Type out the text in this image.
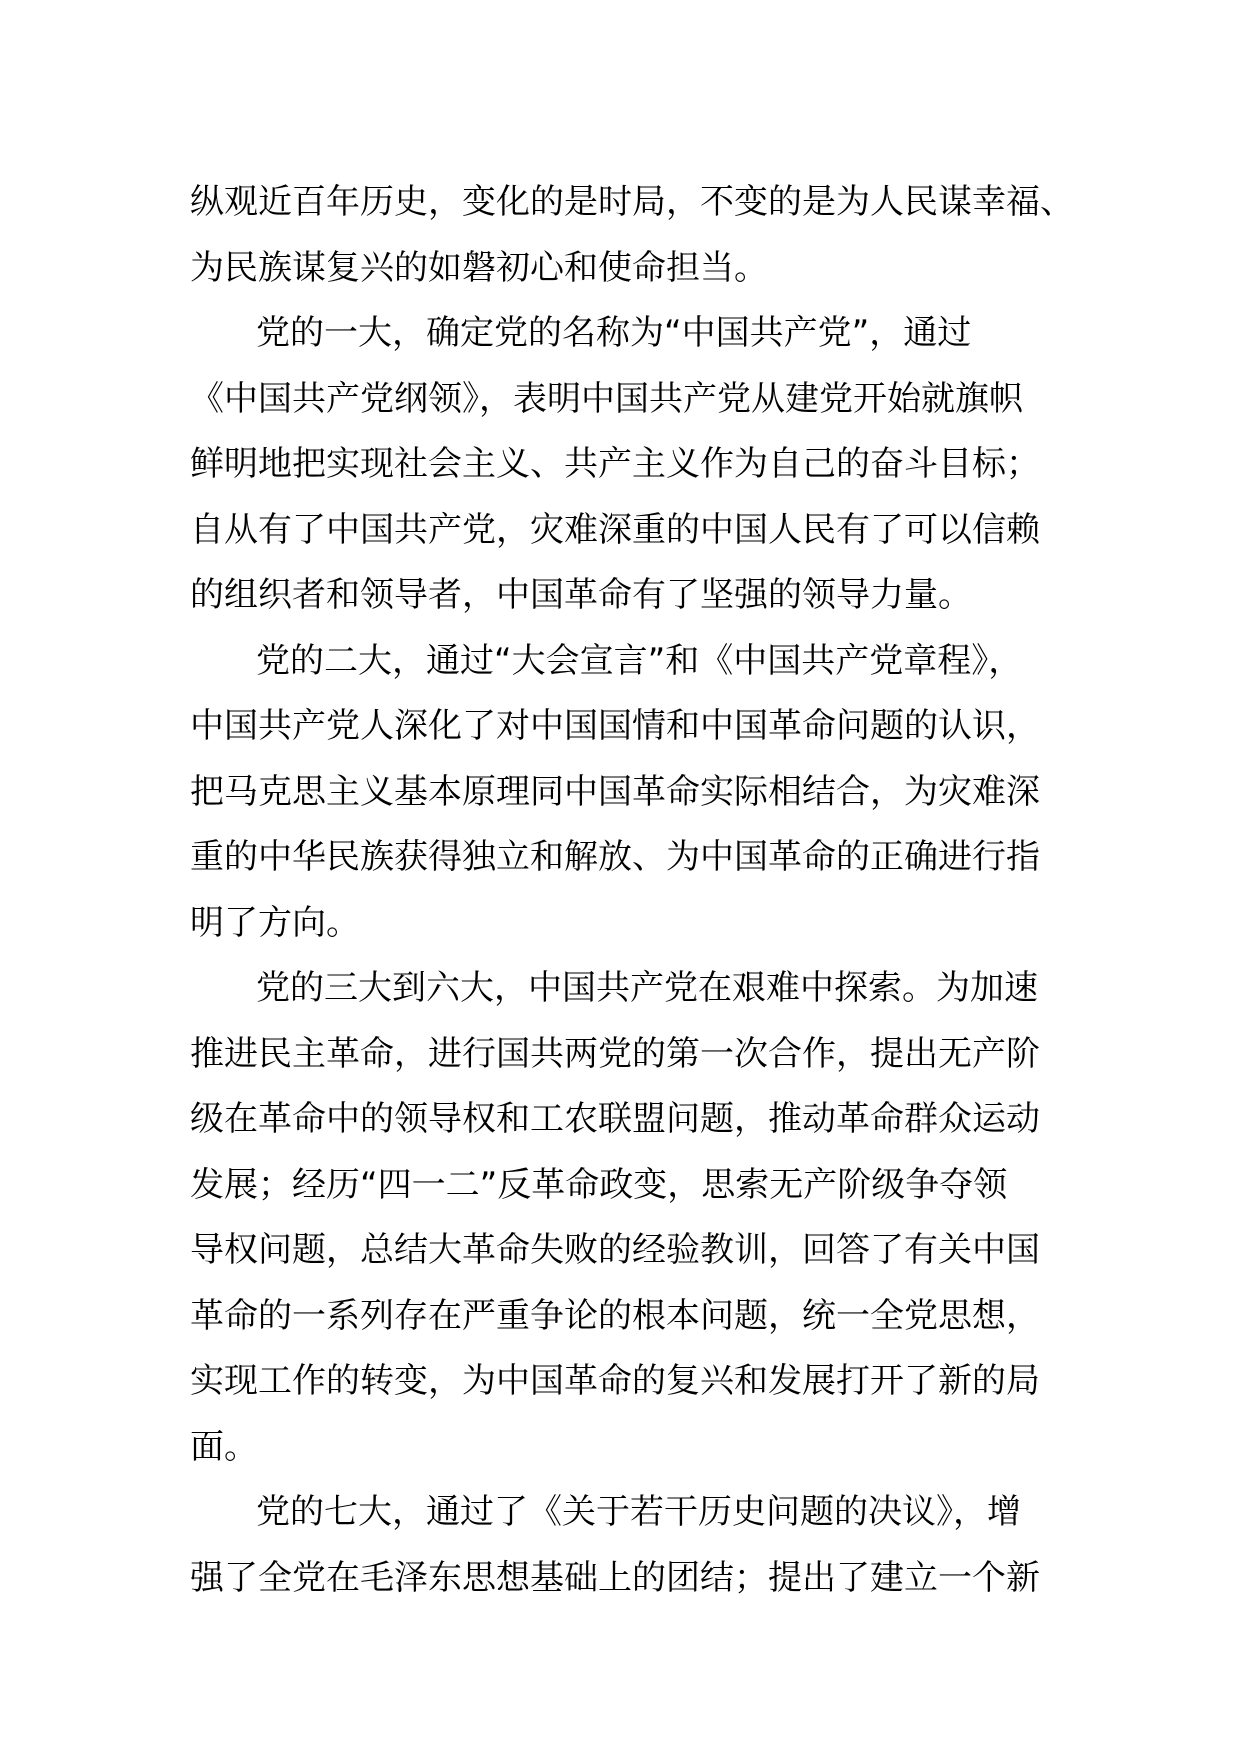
纵观近百年历史，变化的是时局，不变的是为人民谋幸福、
为民族谋复兴的如磐初心和使命担当。
党的一大，确定党的名称为“中国共产党”，通过
《中国共产党纲领》，表明中国共产党从建党开始就旗帜
鲜明地把实现社会主义、共产主义作为自己的奋斗目标；
自从有了中国共产党，灾难深重的中国人民有了可以信赖
的组织者和领导者，中国革命有了坚强的领导力量。
党的二大，通过“大会宣言”和《中国共产党章程》，
中国共产党人深化了对中国国情和中国革命问题的认识，
把马克思主义基本原理同中国革命实际相结合，为灾难深
重的中华民族获得独立和解放、为中国革命的正确进行指
明了方向。
党的三大到六大，中国共产党在艰难中探索。为加速
推进民主革命，进行国共两党的第一次合作，提出无产阶
级在革命中的领导权和工农联盟问题，推动革命群众运动
发展；经历“四一二”反革命政变，思索无产阶级争夺领
导权问题，总结大革命失败的经验教训，回答了有关中国
革命的一系列存在严重争论的根本问题，统一全党思想，
实现工作的转变，为中国革命的复兴和发展打开了新的局
面。
党的七大，通过了《关于若干历史问题的决议》，增
强了全党在毛泽东思想基础上的团结；提出了建立一个新
